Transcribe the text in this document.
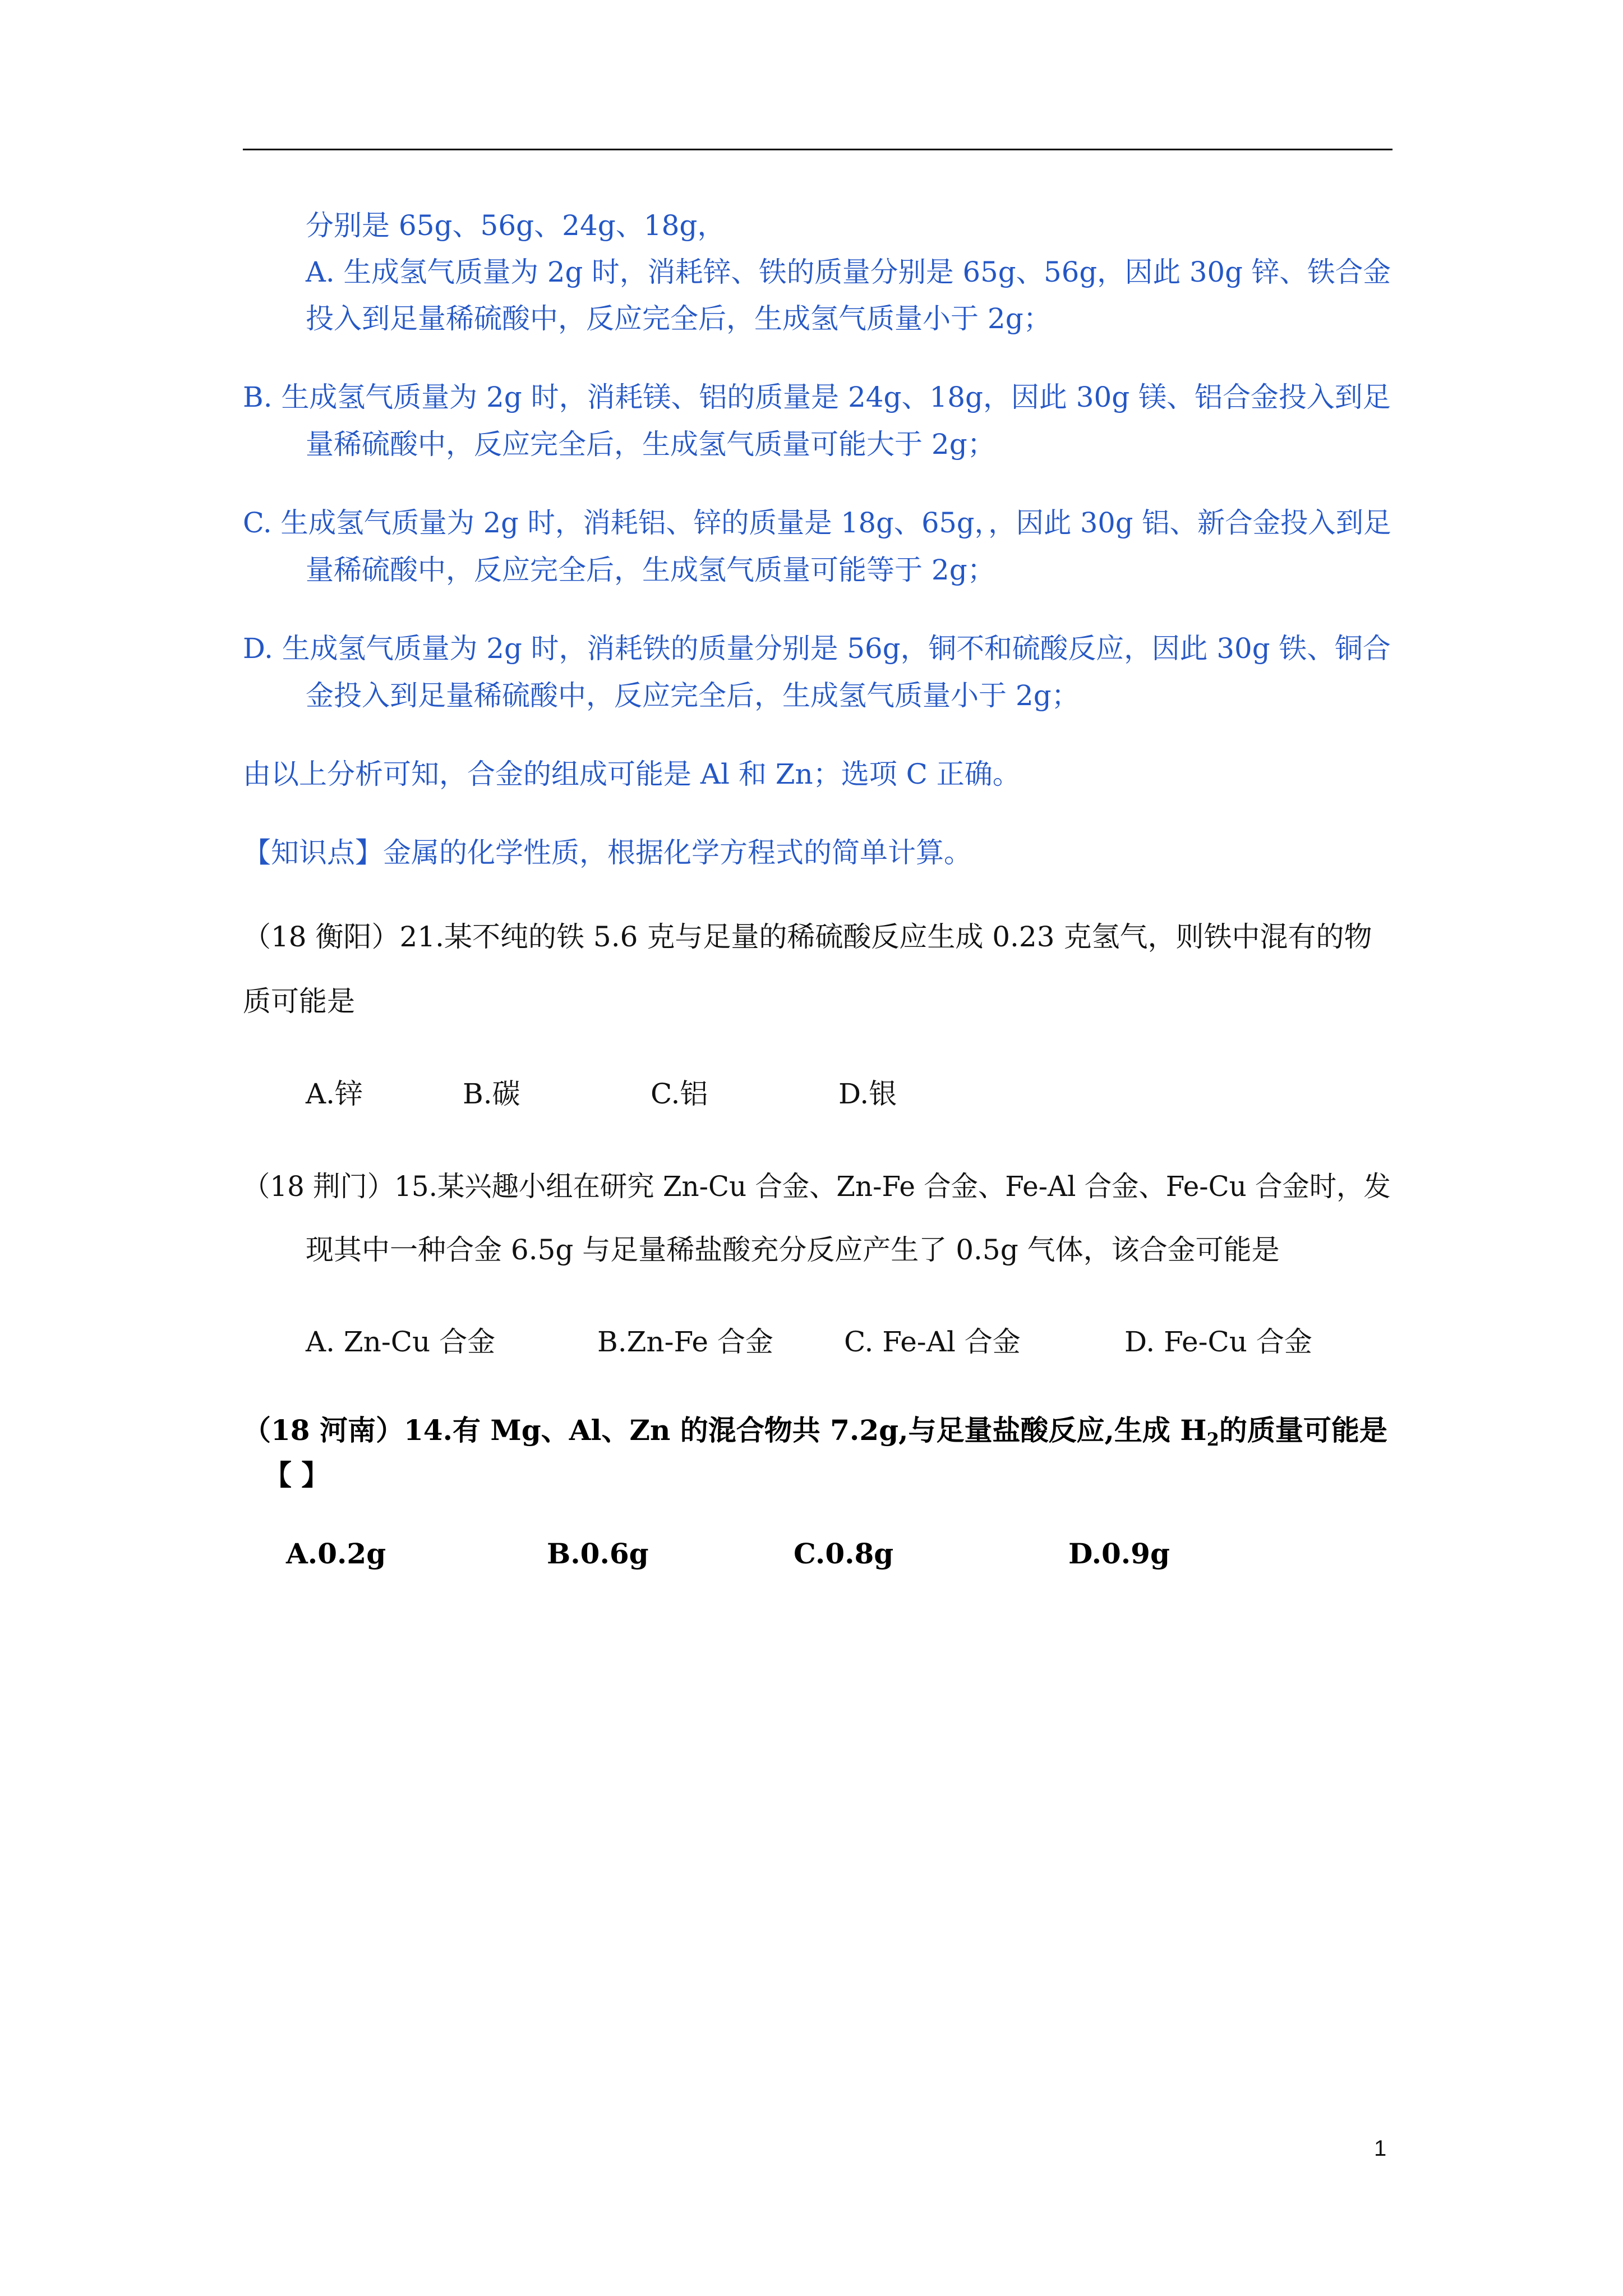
分别是 65g、56g、24g、18g，
A. 生成氢气质量为 2g 时，消耗锌、铁的质量分别是 65g、56g，因此 30g 锌、铁合金
投入到足量稀硫酸中，反应完全后，生成氢气质量小于 2g；
B. 生成氢气质量为 2g 时，消耗镁、铝的质量是 24g、18g，因此 30g 镁、铝合金投入到足
量稀硫酸中，反应完全后，生成氢气质量可能大于 2g；
C. 生成氢气质量为 2g 时，消耗铝、锌的质量是 18g、65g，，因此 30g 铝、新合金投入到足
量稀硫酸中，反应完全后，生成氢气质量可能等于 2g；
D. 生成氢气质量为 2g 时，消耗铁的质量分别是 56g，铜不和硫酸反应，因此 30g 铁、铜合
金投入到足量稀硫酸中，反应完全后，生成氢气质量小于 2g；
由以上分析可知，合金的组成可能是 Al 和 Zn；选项 C 正确。
【知识点】金属的化学性质，根据化学方程式的简单计算。
（18 衡阳）21.某不纯的铁 5.6 克与足量的稀硫酸反应生成 0.23 克氢气，则铁中混有的物
质可能是
A.锌	B.碳	C.铝	D.银
（18 荆门）15.某兴趣小组在研究 Zn-Cu 合金、Zn-Fe 合金、Fe-Al 合金、Fe-Cu 合金时，发
现其中一种合金 6.5g 与足量稀盐酸充分反应产生了 0.5g 气体，该合金可能是
A. Zn-Cu 合金	B.Zn-Fe 合金	C. Fe-Al 合金	D. Fe-Cu 合金
（18 河南）14.有 Mg、Al、Zn 的混合物共 7.2g,与足量盐酸反应,生成 $H_2$的质量可能是
【 】
A.0.2g	B.0.6g	C.0.8g	D.0.9g
1
